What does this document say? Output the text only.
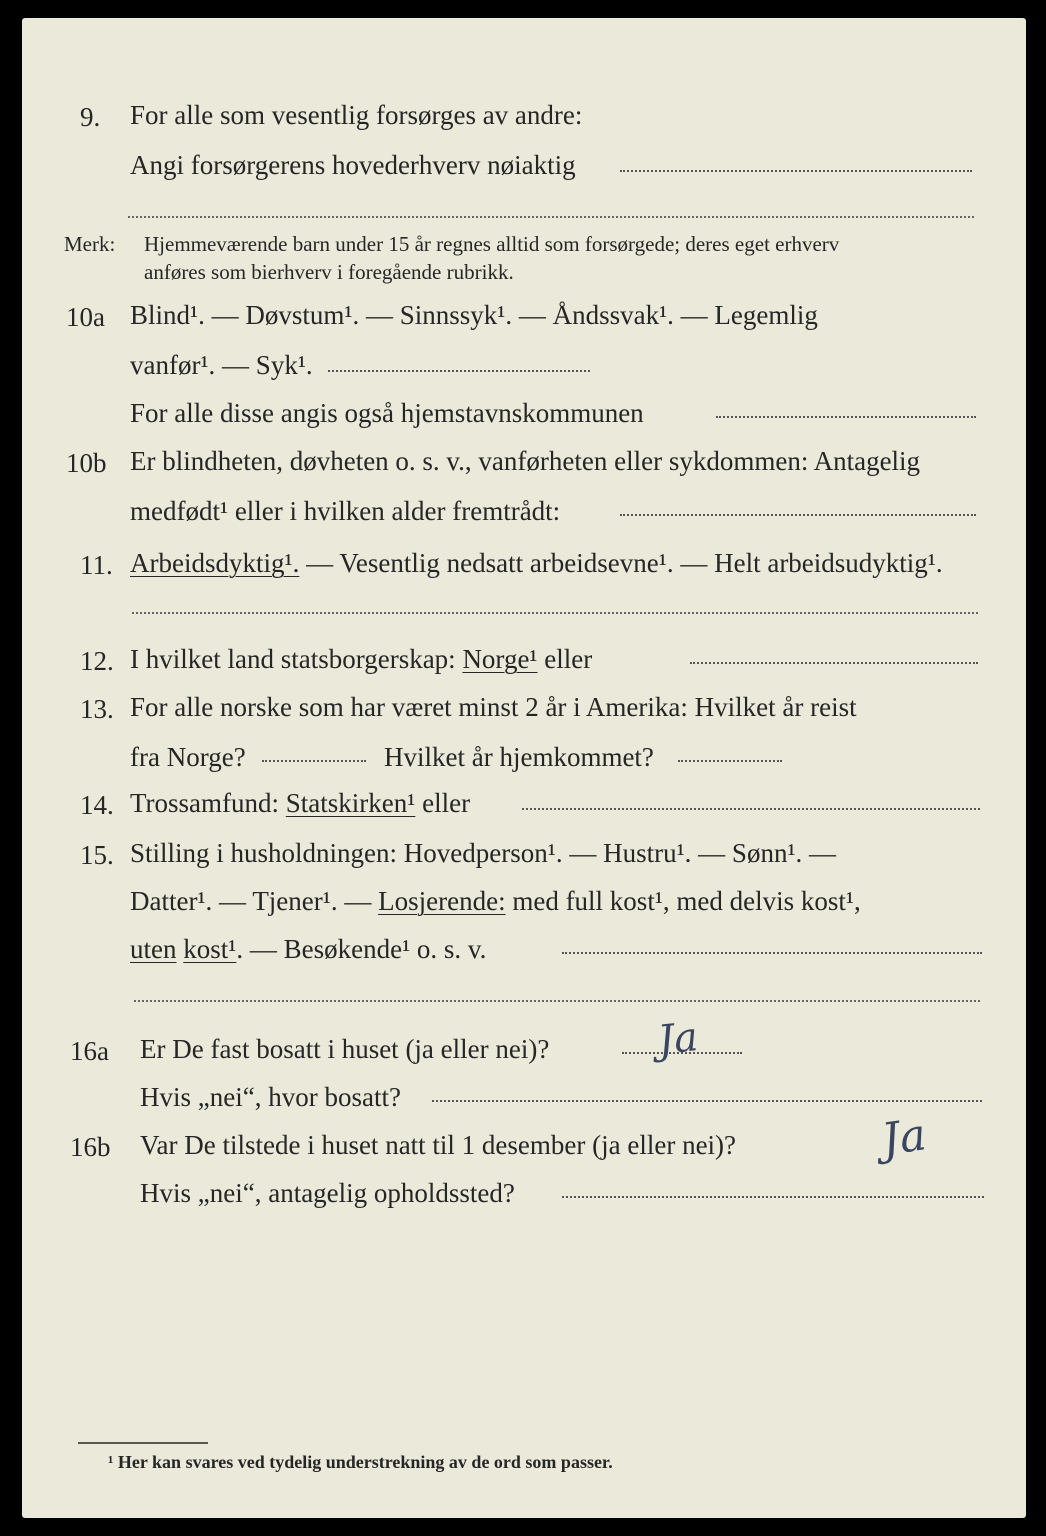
9. For alle som vesentlig forsørges av andre:
Angi forsørgerens hovederhverv nøiaktig
Merk: Hjemmeværende barn under 15 år regnes alltid som forsørgede; deres eget erhverv
anføres som bierhverv i foregående rubrikk.
10a Blind¹. — Døvstum¹. — Sinnssyk¹. — Åndssvak¹. — Legemlig
vanfør¹. — Syk¹.
For alle disse angis også hjemstavnskommunen
10b Er blindheten, døvheten o. s. v., vanførheten eller sykdommen: Antagelig
medfødt¹ eller i hvilken alder fremtrådt:
11. Arbeidsdyktig¹. — Vesentlig nedsatt arbeidsevne¹. — Helt arbeidsudyktig¹.
12. I hvilket land statsborgerskap: Norge¹ eller
13. For alle norske som har været minst 2 år i Amerika: Hvilket år reist
fra Norge?	Hvilket år hjemkommet?
14. Trossamfund: Statskirken¹ eller
15. Stilling i husholdningen: Hovedperson¹. — Hustru¹. — Sønn¹. —
Datter¹. — Tjener¹. — Losjerende: med full kost¹, med delvis kost¹,
uten kost¹. — Besøkende¹ o. s. v.
16a Er De fast bosatt i huset (ja eller nei)?	Ja
Hvis „nei“, hvor bosatt?
16b Var De tilstede i huset natt til 1 desember (ja eller nei)?	Ja
Hvis „nei“, antagelig opholdssted?
¹ Her kan svares ved tydelig understrekning av de ord som passer.
